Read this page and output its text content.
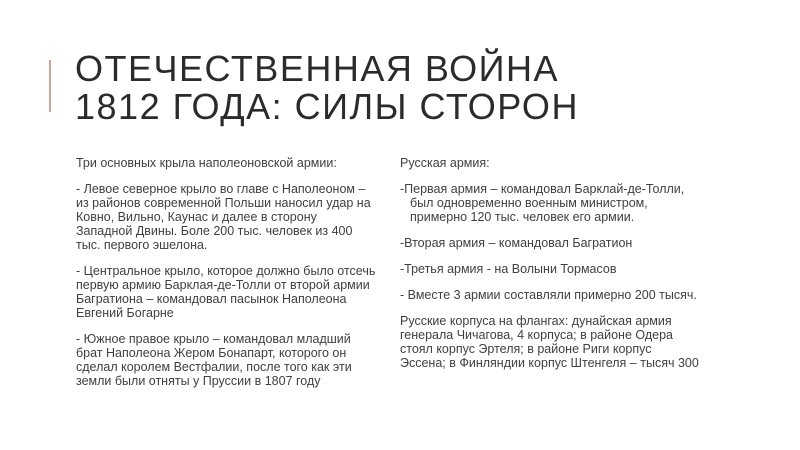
ОТЕЧЕСТВЕННАЯ ВОЙНА
1812 ГОДА: СИЛЫ СТОРОН

Три основных крыла наполеоновской армии:

- Левое северное крыло во главе с Наполеоном – из районов современной Польши наносил удар на Ковно, Вильно, Каунас и далее в сторону Западной Двины. Боле 200 тыс. человек из 400 тыс. первого эшелона.

- Центральное крыло, которое должно было отсечь первую армию Барклая-де-Толли от второй армии Багратиона – командовал пасынок Наполеона Евгений Богарне

- Южное правое крыло – командовал младший брат Наполеона Жером Бонапарт, которого он сделал королем Вестфалии, после того как эти земли были отняты у Пруссии в 1807 году

Русская армия:

-Первая армия – командовал Барклай-де-Толли, был одновременно военным министром, примерно 120 тыс. человек его армии.

-Вторая армия – командовал Багратион

-Третья армия - на Волыни Тормасов

- Вместе 3 армии составляли примерно 200 тысяч.

Русские корпуса на флангах: дунайская армия генерала Чичагова, 4 корпуса; в районе Одера стоял корпус Эртеля; в районе Риги корпус Эссена; в Финляндии корпус Штенгеля – тысяч 300
